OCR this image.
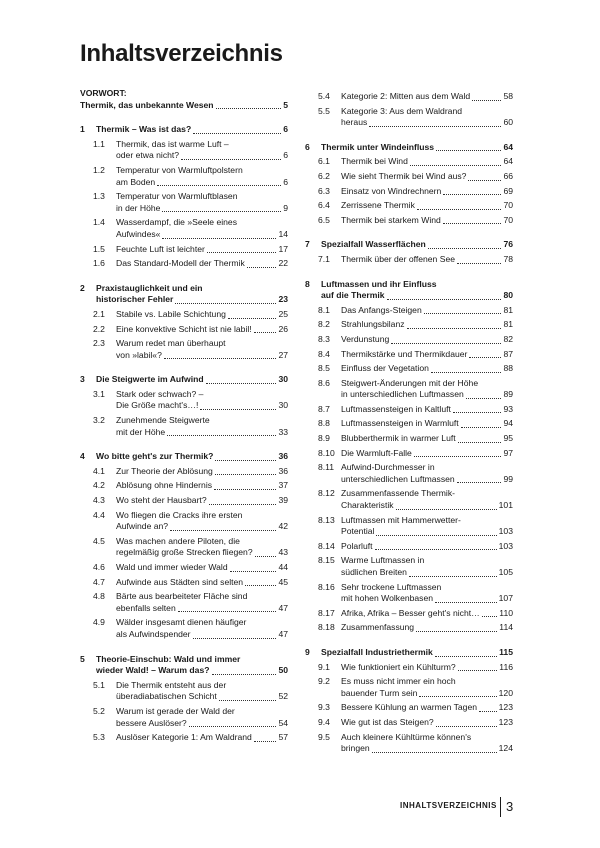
Inhaltsverzeichnis
VORWORT:
Thermik, das unbekannte Wesen	5
1 Thermik – Was ist das?	6
1.1 Thermik, das ist warme Luft –
oder etwa nicht?	6
1.2 Temperatur von Warmluftpolstern
am Boden	6
1.3 Temperatur von Warmluftblasen
in der Höhe	9
1.4 Wasserdampf, die »Seele eines
Aufwindes«	14
1.5 Feuchte Luft ist leichter	17
1.6 Das Standard-Modell der Thermik	22
2 Praxistauglichkeit und ein
historischer Fehler	23
2.1 Stabile vs. Labile Schichtung	25
2.2 Eine konvektive Schicht ist nie labil!	26
2.3 Warum redet man überhaupt
von »labil«?	27
3 Die Steigwerte im Aufwind	30
3.1 Stark oder schwach? –
Die Größe macht's…!	30
3.2 Zunehmende Steigwerte
mit der Höhe	33
4 Wo bitte geht's zur Thermik?	36
4.1 Zur Theorie der Ablösung	36
4.2 Ablösung ohne Hindernis	37
4.3 Wo steht der Hausbart?	39
4.4 Wo fliegen die Cracks ihre ersten
Aufwinde an?	42
4.5 Was machen andere Piloten, die
regelmäßig große Strecken fliegen?	43
4.6 Wald und immer wieder Wald	44
4.7 Aufwinde aus Städten sind selten	45
4.8 Bärte aus bearbeiteter Fläche sind
ebenfalls selten	47
4.9 Wälder insgesamt dienen häufiger
als Aufwindspender	47
5 Theorie-Einschub: Wald und immer
wieder Wald! – Warum das?	50
5.1 Die Thermik entsteht aus der
überadiabatischen Schicht	52
5.2 Warum ist gerade der Wald der
bessere Auslöser?	54
5.3 Auslöser Kategorie 1: Am Waldrand	57
5.4 Kategorie 2: Mitten aus dem Wald	58
5.5 Kategorie 3: Aus dem Waldrand
heraus	60
6 Thermik unter Windeinfluss	64
6.1 Thermik bei Wind	64
6.2 Wie sieht Thermik bei Wind aus?	66
6.3 Einsatz von Windrechnern	69
6.4 Zerrissene Thermik	70
6.5 Thermik bei starkem Wind	70
7 Spezialfall Wasserflächen	76
7.1 Thermik über der offenen See	78
8 Luftmassen und ihr Einfluss
auf die Thermik	80
8.1 Das Anfangs-Steigen	81
8.2 Strahlungsbilanz	81
8.3 Verdunstung	82
8.4 Thermikstärke und Thermikdauer	87
8.5 Einfluss der Vegetation	88
8.6 Steigwert-Änderungen mit der Höhe
in unterschiedlichen Luftmassen	89
8.7 Luftmassensteigen in Kaltluft	93
8.8 Luftmassensteigen in Warmluft	94
8.9 Blubberthermik in warmer Luft	95
8.10 Die Warmluft-Falle	97
8.11 Aufwind-Durchmesser in
unterschiedlichen Luftmassen	99
8.12 Zusammenfassende Thermik-
Charakteristik	101
8.13 Luftmassen mit Hammerwetter-
Potential	103
8.14 Polarluft	103
8.15 Warme Luftmassen in
südlichen Breiten	105
8.16 Sehr trockene Luftmassen
mit hohen Wolkenbasen	107
8.17 Afrika, Afrika – Besser geht's nicht… 110
8.18 Zusammenfassung	114
9 Spezialfall Industriethermik	115
9.1 Wie funktioniert ein Kühlturm?	116
9.2 Es muss nicht immer ein hoch
bauender Turm sein	120
9.3 Bessere Kühlung an warmen Tagen	123
9.4 Wie gut ist das Steigen?	123
9.5 Auch kleinere Kühltürme können's
bringen	124
INHALTSVERZEICHNIS 3
